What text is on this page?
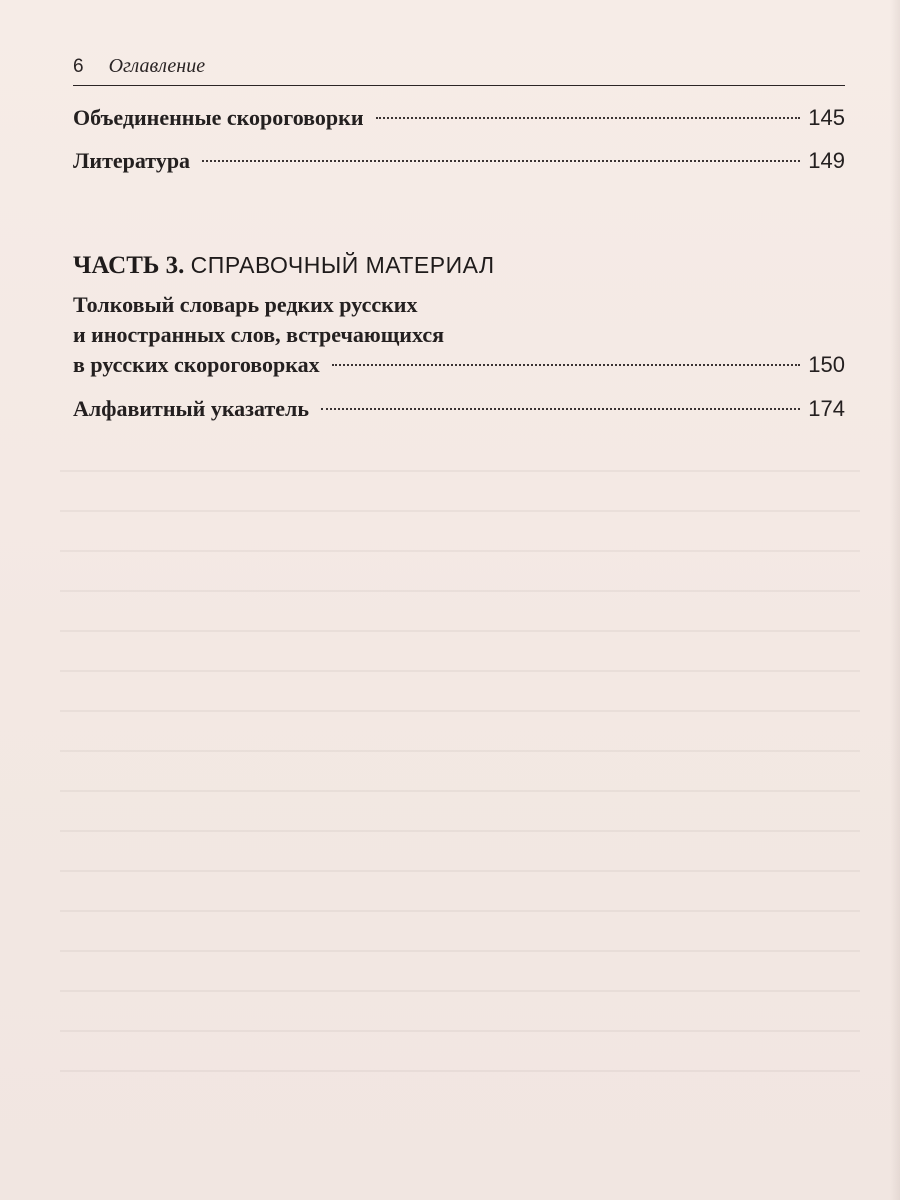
6 Оглавление
Объединенные скороговорки	145
Литература	149
ЧАСТЬ 3. СПРАВОЧНЫЙ МАТЕРИАЛ
Толковый словарь редких русских
и иностранных слов, встречающихся
в русских скороговорках	150
Алфавитный указатель	174
